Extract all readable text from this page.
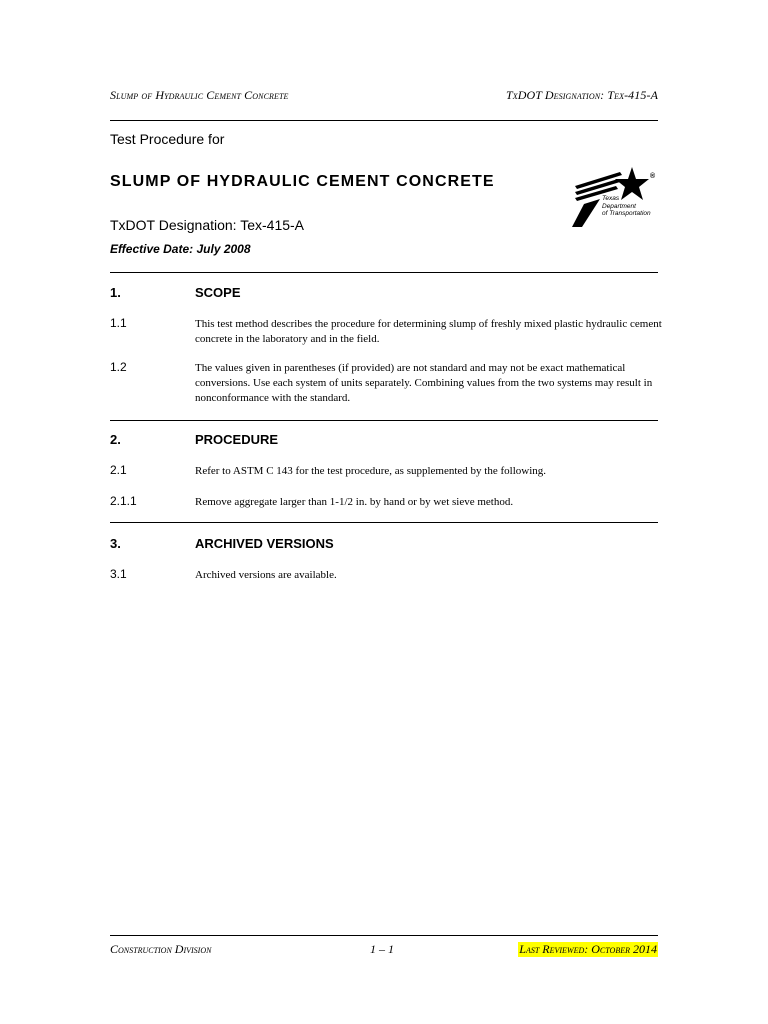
Slump of Hydraulic Cement Concrete	TxDOT Designation: Tex-415-A
Test Procedure for
SLUMP OF HYDRAULIC CEMENT CONCRETE
TxDOT Designation: Tex-415-A
Effective Date: July 2008
®
Texas
Department
of Transportation
1.	SCOPE
1.1	This test method describes the procedure for determining slump of freshly mixed plastic hydraulic cement concrete in the laboratory and in the field.
1.2	The values given in parentheses (if provided) are not standard and may not be exact mathematical conversions. Use each system of units separately. Combining values from the two systems may result in nonconformance with the standard.
2.	PROCEDURE
2.1	Refer to ASTM C 143 for the test procedure, as supplemented by the following.
2.1.1	Remove aggregate larger than 1-1/2 in. by hand or by wet sieve method.
3.	ARCHIVED VERSIONS
3.1	Archived versions are available.
Construction Division	1 – 1	Last Reviewed: October 2014
